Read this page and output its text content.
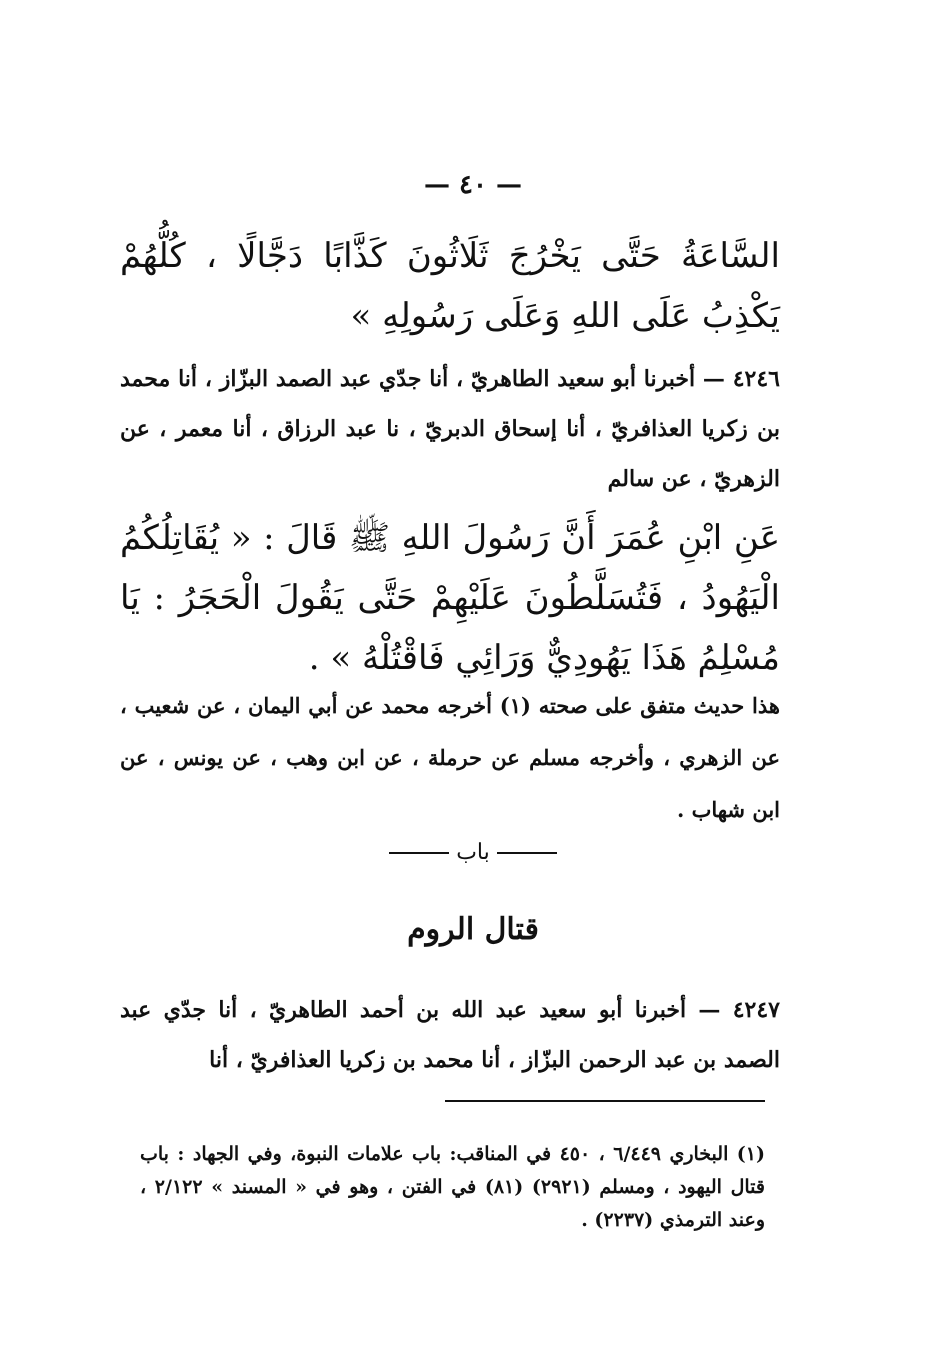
— ٤٠ —
السَّاعَةُ حَتَّى يَخْرُجَ ثَلَاثُونَ كَذَّابًا دَجَّالًا ، كُلُّهُمْ يَكْذِبُ عَلَى اللهِ وَعَلَى رَسُولِهِ »
٤٢٤٦ — أخبرنا أبو سعيد الطاهريّ ، أنا جدّي عبد الصمد البزّاز ، أنا محمد بن زكريا العذافريّ ، أنا إسحاق الدبريّ ، نا عبد الرزاق ، أنا معمر ، عن الزهريّ ، عن سالم
عَنِ ابْنِ عُمَرَ أَنَّ رَسُولَ اللهِ ﷺ قَالَ : « يُقَاتِلُكُمُ الْيَهُودُ ، فَتُسَلَّطُونَ عَلَيْهِمْ حَتَّى يَقُولَ الْحَجَرُ : يَا مُسْلِمُ هَذَا يَهُودِيٌّ وَرَائِي فَاقْتُلْهُ » .
هذا حديث متفق على صحته (١) أخرجه محمد عن أبي اليمان ، عن شعيب ، عن الزهري ، وأخرجه مسلم عن حرملة ، عن ابن وهب ، عن يونس ، عن ابن شهاب .
باب
قتال الروم
٤٢٤٧ — أخبرنا أبو سعيد عبد الله بن أحمد الطاهريّ ، أنا جدّي عبد الصمد بن عبد الرحمن البزّاز ، أنا محمد بن زكريا العذافريّ ، أنا
(١) البخاري ٦/٤٤٩ ، ٤٥٠ في المناقب: باب علامات النبوة، وفي الجهاد : باب قتال اليهود ، ومسلم (٢٩٢١) (٨١) في الفتن ، وهو في « المسند » ٢/١٢٢ ، وعند الترمذي (٢٢٣٧) .
